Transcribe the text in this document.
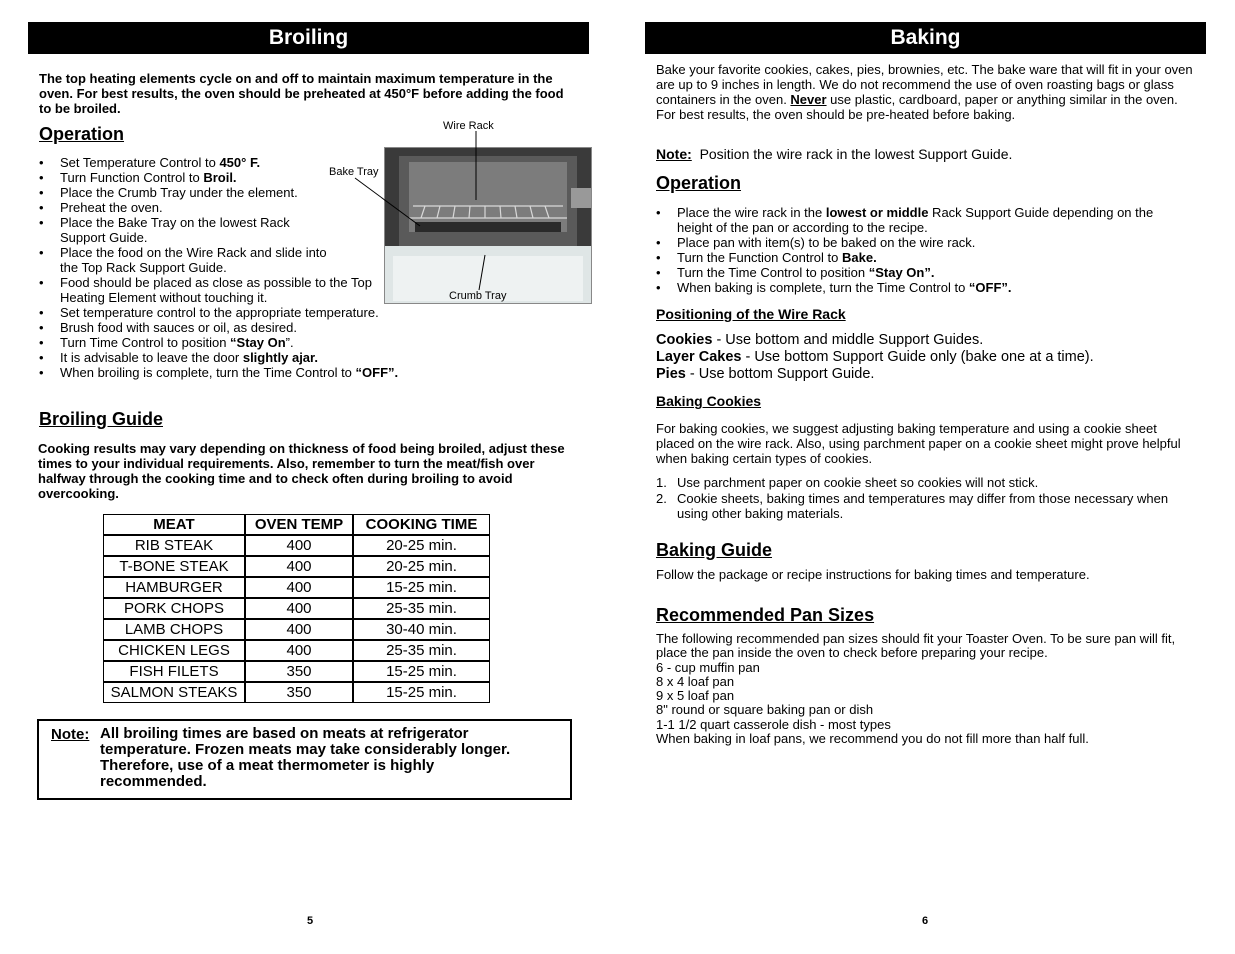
Broiling
The top heating elements cycle on and off to maintain maximum temperature in the oven. For best results, the oven should be preheated at 450°F before adding the food to be broiled.
Operation	Wire Rack
Bake Tray
Crumb Tray
• Set Temperature Control to 450° F.
• Turn Function Control to Broil.
• Place the Crumb Tray under the element.
• Preheat the oven.
• Place the Bake Tray on the lowest Rack Support Guide.
• Place the food on the Wire Rack and slide into the Top Rack Support Guide.
• Food should be placed as close as possible to the Top Heating Element without touching it.
• Set temperature control to the appropriate temperature.
• Brush food with sauces or oil, as desired.
• Turn Time Control to position “Stay On”.
• It is advisable to leave the door slightly ajar.
• When broiling is complete, turn the Time Control to “OFF”.
Broiling Guide
Cooking results may vary depending on thickness of food being broiled, adjust these times to your individual requirements. Also, remember to turn the meat/fish over halfway through the cooking time and to check often during broiling to avoid overcooking.
MEAT	OVEN TEMP	COOKING TIME
RIB STEAK	400	20-25 min.
T-BONE STEAK	400	20-25 min.
HAMBURGER	400	15-25 min.
PORK CHOPS	400	25-35 min.
LAMB CHOPS	400	30-40 min.
CHICKEN LEGS	400	25-35 min.
FISH FILETS	350	15-25 min.
SALMON STEAKS	350	15-25 min.
Note: All broiling times are based on meats at refrigerator temperature. Frozen meats may take considerably longer. Therefore, use of a meat thermometer is highly recommended.
5
Baking
Bake your favorite cookies, cakes, pies, brownies, etc. The bake ware that will fit in your oven are up to 9 inches in length. We do not recommend the use of oven roasting bags or glass containers in the oven. Never use plastic, cardboard, paper or anything similar in the oven. For best results, the oven should be pre-heated before baking.
Note: Position the wire rack in the lowest Support Guide.
Operation
• Place the wire rack in the lowest or middle Rack Support Guide depending on the height of the pan or according to the recipe.
• Place pan with item(s) to be baked on the wire rack.
• Turn the Function Control to Bake.
• Turn the Time Control to position “Stay On”.
• When baking is complete, turn the Time Control to “OFF”.
Positioning of the Wire Rack
Cookies - Use bottom and middle Support Guides.
Layer Cakes - Use bottom Support Guide only (bake one at a time).
Pies - Use bottom Support Guide.
Baking Cookies
For baking cookies, we suggest adjusting baking temperature and using a cookie sheet placed on the wire rack. Also, using parchment paper on a cookie sheet might prove helpful when baking certain types of cookies.
1. Use parchment paper on cookie sheet so cookies will not stick.
2. Cookie sheets, baking times and temperatures may differ from those necessary when using other baking materials.
Baking Guide
Follow the package or recipe instructions for baking times and temperature.
Recommended Pan Sizes
The following recommended pan sizes should fit your Toaster Oven. To be sure pan will fit, place the pan inside the oven to check before preparing your recipe.
6 - cup muffin pan
8 x 4 loaf pan
9 x 5 loaf pan
8" round or square baking pan or dish
1-1 1/2 quart casserole dish - most types
When baking in loaf pans, we recommend you do not fill more than half full.
6
